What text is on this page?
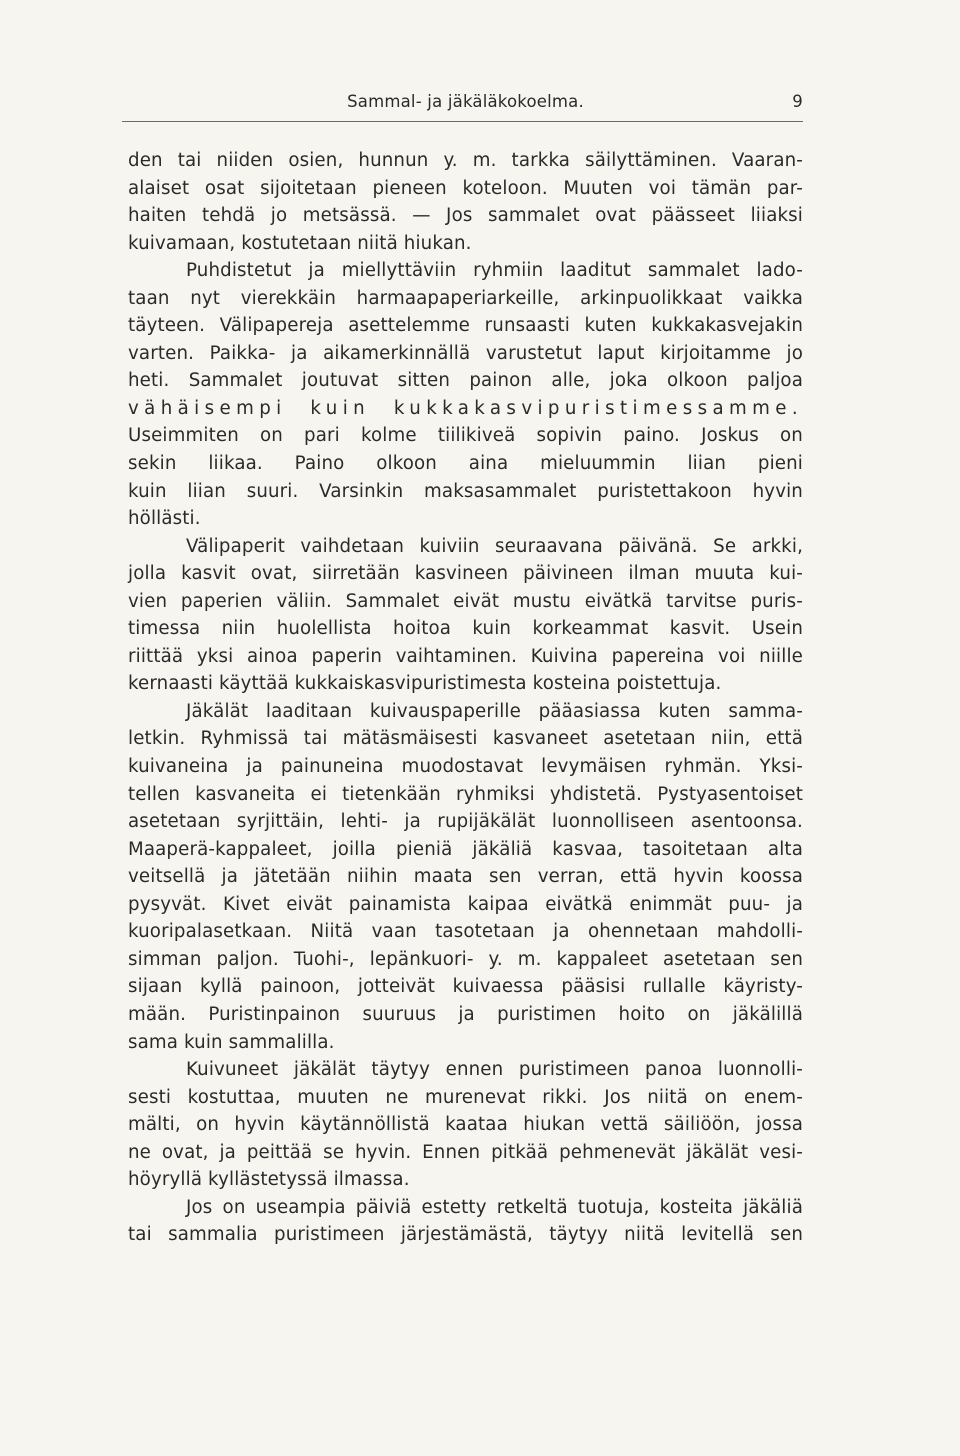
Sammal- ja jäkäläkokoelma.	9
den tai niiden osien, hunnun y. m. tarkka säilyttäminen. Vaaran-
alaiset osat sijoitetaan pieneen koteloon. Muuten voi tämän par-
haiten tehdä jo metsässä. — Jos sammalet ovat päässeet liiaksi
kuivamaan, kostutetaan niitä hiukan.
Puhdistetut ja miellyttäviin ryhmiin laaditut sammalet lado-
taan nyt vierekkäin harmaapaperiarkeille, arkinpuolikkaat vaikka
täyteen. Välipapereja asettelemme runsaasti kuten kukkakasvejakin
varten. Paikka- ja aikamerkinnällä varustetut laput kirjoitamme jo
heti. Sammalet joutuvat sitten painon alle, joka olkoon paljoa
vähäisempi kuin kukkakasvipuristimessamme.
Useimmiten on pari kolme tiilikiveä sopivin paino. Joskus on
sekin liikaa. Paino olkoon aina mieluummin liian pieni
kuin liian suuri. Varsinkin maksasammalet puristettakoon hyvin
höllästi.
Välipaperit vaihdetaan kuiviin seuraavana päivänä. Se arkki,
jolla kasvit ovat, siirretään kasvineen päivineen ilman muuta kui-
vien paperien väliin. Sammalet eivät mustu eivätkä tarvitse puris-
timessa niin huolellista hoitoa kuin korkeammat kasvit. Usein
riittää yksi ainoa paperin vaihtaminen. Kuivina papereina voi niille
kernaasti käyttää kukkaiskasvipuristimesta kosteina poistettuja.
Jäkälät laaditaan kuivauspaperille pääasiassa kuten samma-
letkin. Ryhmissä tai mätäsmäisesti kasvaneet asetetaan niin, että
kuivaneina ja painuneina muodostavat levymäisen ryhmän. Yksi-
tellen kasvaneita ei tietenkään ryhmiksi yhdistetä. Pystyasentoiset
asetetaan syrjittäin, lehti- ja rupijäkälät luonnolliseen asentoonsa.
Maaperä-kappaleet, joilla pieniä jäkäliä kasvaa, tasoitetaan alta
veitsellä ja jätetään niihin maata sen verran, että hyvin koossa
pysyvät. Kivet eivät painamista kaipaa eivätkä enimmät puu- ja
kuoripalasetkaan. Niitä vaan tasotetaan ja ohennetaan mahdolli-
simman paljon. Tuohi-, lepänkuori- y. m. kappaleet asetetaan sen
sijaan kyllä painoon, jotteivät kuivaessa pääsisi rullalle käyristy-
mään. Puristinpainon suuruus ja puristimen hoito on jäkälillä
sama kuin sammalilla.
Kuivuneet jäkälät täytyy ennen puristimeen panoa luonnolli-
sesti kostuttaa, muuten ne murenevat rikki. Jos niitä on enem-
mälti, on hyvin käytännöllistä kaataa hiukan vettä säiliöön, jossa
ne ovat, ja peittää se hyvin. Ennen pitkää pehmenevät jäkälät vesi-
höyryllä kyllästetyssä ilmassa.
Jos on useampia päiviä estetty retkeltä tuotuja, kosteita jäkäliä
tai sammalia puristimeen järjestämästä, täytyy niitä levitellä sen
